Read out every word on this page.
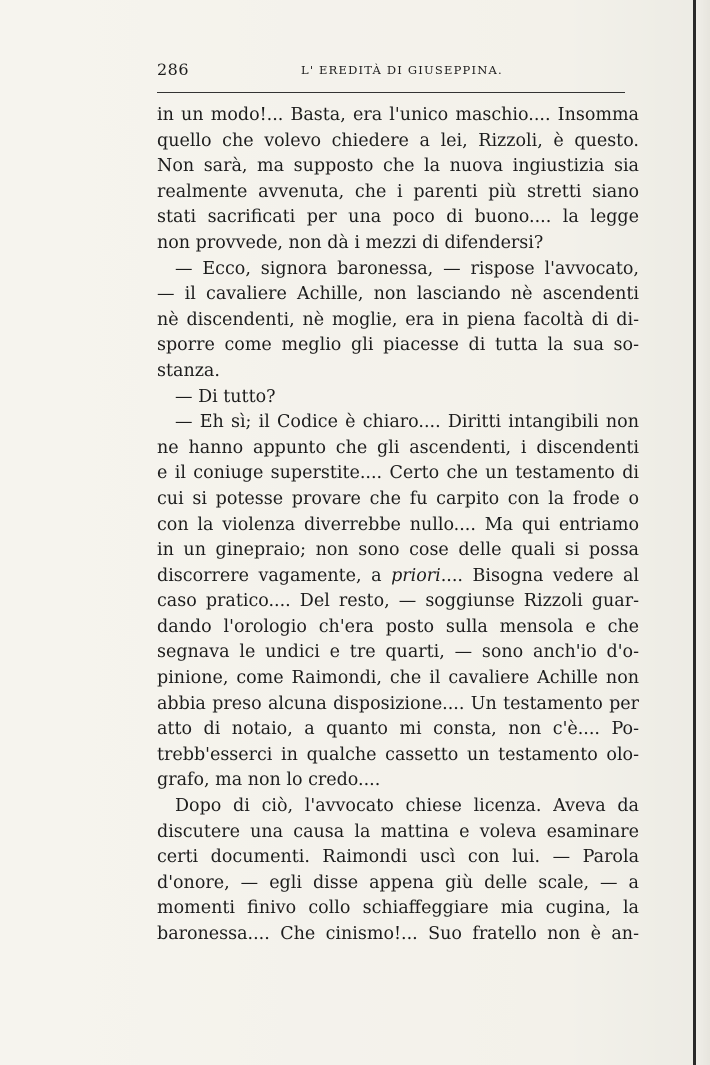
286	L' EREDITÀ DI GIUSEPPINA.
in un modo!... Basta, era l'unico maschio.... Insomma
quello che volevo chiedere a lei, Rizzoli, è questo.
Non sarà, ma supposto che la nuova ingiustizia sia
realmente avvenuta, che i parenti più stretti siano
stati sacrificati per una poco di buono.... la legge
non provvede, non dà i mezzi di difendersi?
— Ecco, signora baronessa, — rispose l'avvocato,
— il cavaliere Achille, non lasciando nè ascendenti
nè discendenti, nè moglie, era in piena facoltà di di-
sporre come meglio gli piacesse di tutta la sua so-
stanza.
— Di tutto?
— Eh sì; il Codice è chiaro.... Diritti intangibili non
ne hanno appunto che gli ascendenti, i discendenti
e il coniuge superstite.... Certo che un testamento di
cui si potesse provare che fu carpito con la frode o
con la violenza diverrebbe nullo.... Ma qui entriamo
in un ginepraio; non sono cose delle quali si possa
discorrere vagamente, a priori.... Bisogna vedere al
caso pratico.... Del resto, — soggiunse Rizzoli guar-
dando l'orologio ch'era posto sulla mensola e che
segnava le undici e tre quarti, — sono anch'io d'o-
pinione, come Raimondi, che il cavaliere Achille non
abbia preso alcuna disposizione.... Un testamento per
atto di notaio, a quanto mi consta, non c'è.... Po-
trebb'esserci in qualche cassetto un testamento olo-
grafo, ma non lo credo....
Dopo di ciò, l'avvocato chiese licenza. Aveva da
discutere una causa la mattina e voleva esaminare
certi documenti. Raimondi uscì con lui. — Parola
d'onore, — egli disse appena giù delle scale, — a
momenti finivo collo schiaffeggiare mia cugina, la
baronessa.... Che cinismo!... Suo fratello non è an-
